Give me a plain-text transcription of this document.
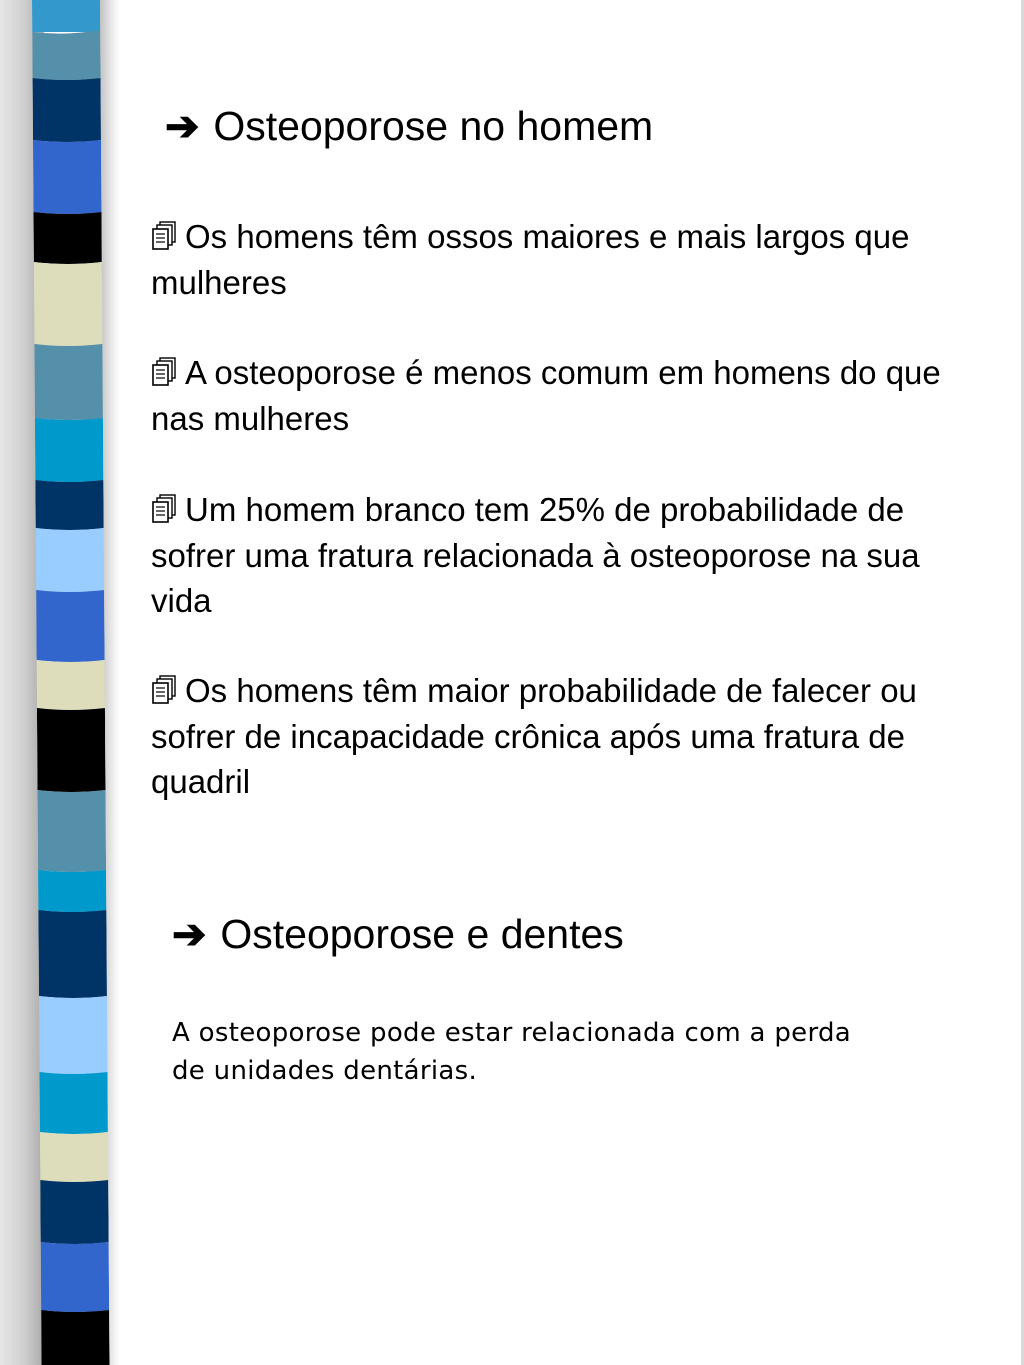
➔ Osteoporose no homem
Os homens têm ossos maiores e mais largos que mulheres
A osteoporose é menos comum em homens do que nas mulheres
Um homem branco tem 25% de probabilidade de sofrer uma fratura relacionada à osteoporose na sua vida
Os homens têm maior probabilidade de falecer ou sofrer de incapacidade crônica após uma fratura de quadril
➔ Osteoporose e dentes
A osteoporose pode estar relacionada com a perda de unidades dentárias.
